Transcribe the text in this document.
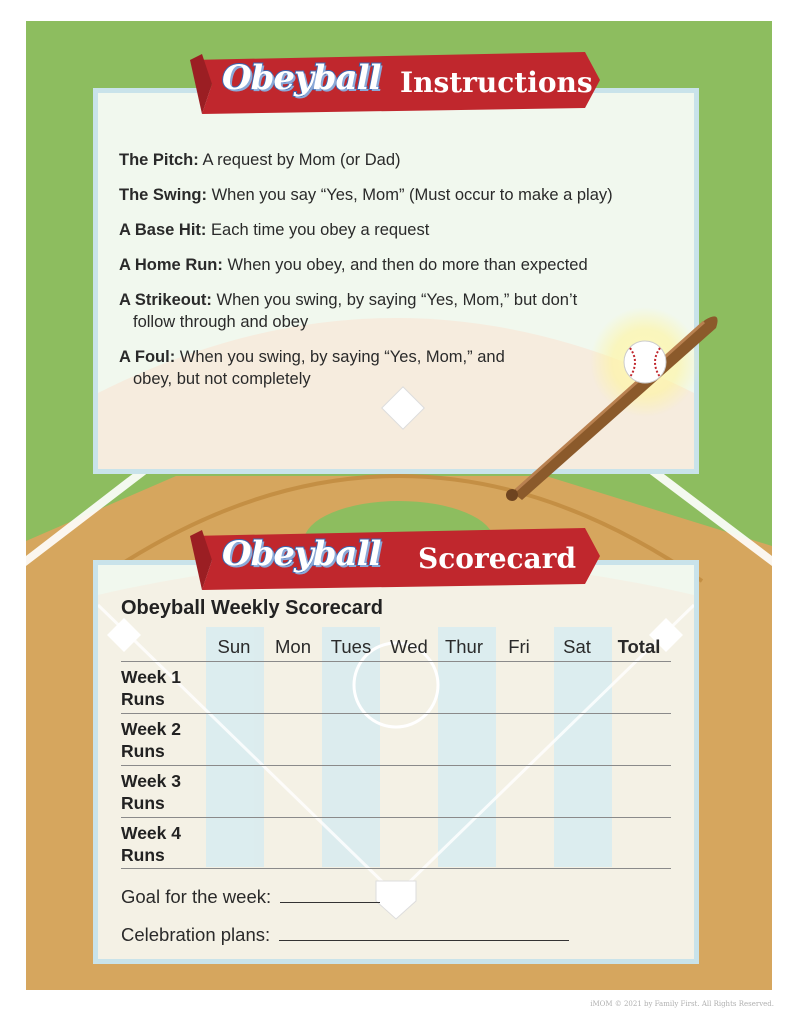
Obeyball Instructions

The Pitch: A request by Mom (or Dad)

The Swing: When you say “Yes, Mom” (Must occur to make a play)

A Base Hit: Each time you obey a request

A Home Run: When you obey, and then do more than expected

A Strikeout: When you swing, by saying “Yes, Mom,” but don’t
follow through and obey

A Foul: When you swing, by saying “Yes, Mom,” and
obey, but not completely

Obeyball Scorecard
Obeyball Weekly Scorecard
Sun	Mon	Tues	Wed Thur	Fri	Sat	Total
Week 1
Runs
Week 2
Runs
Week 3
Runs
Week 4
Runs
Goal for the week:
Celebration plans:
iMOM © 2021 by Family First. All Rights Reserved.
